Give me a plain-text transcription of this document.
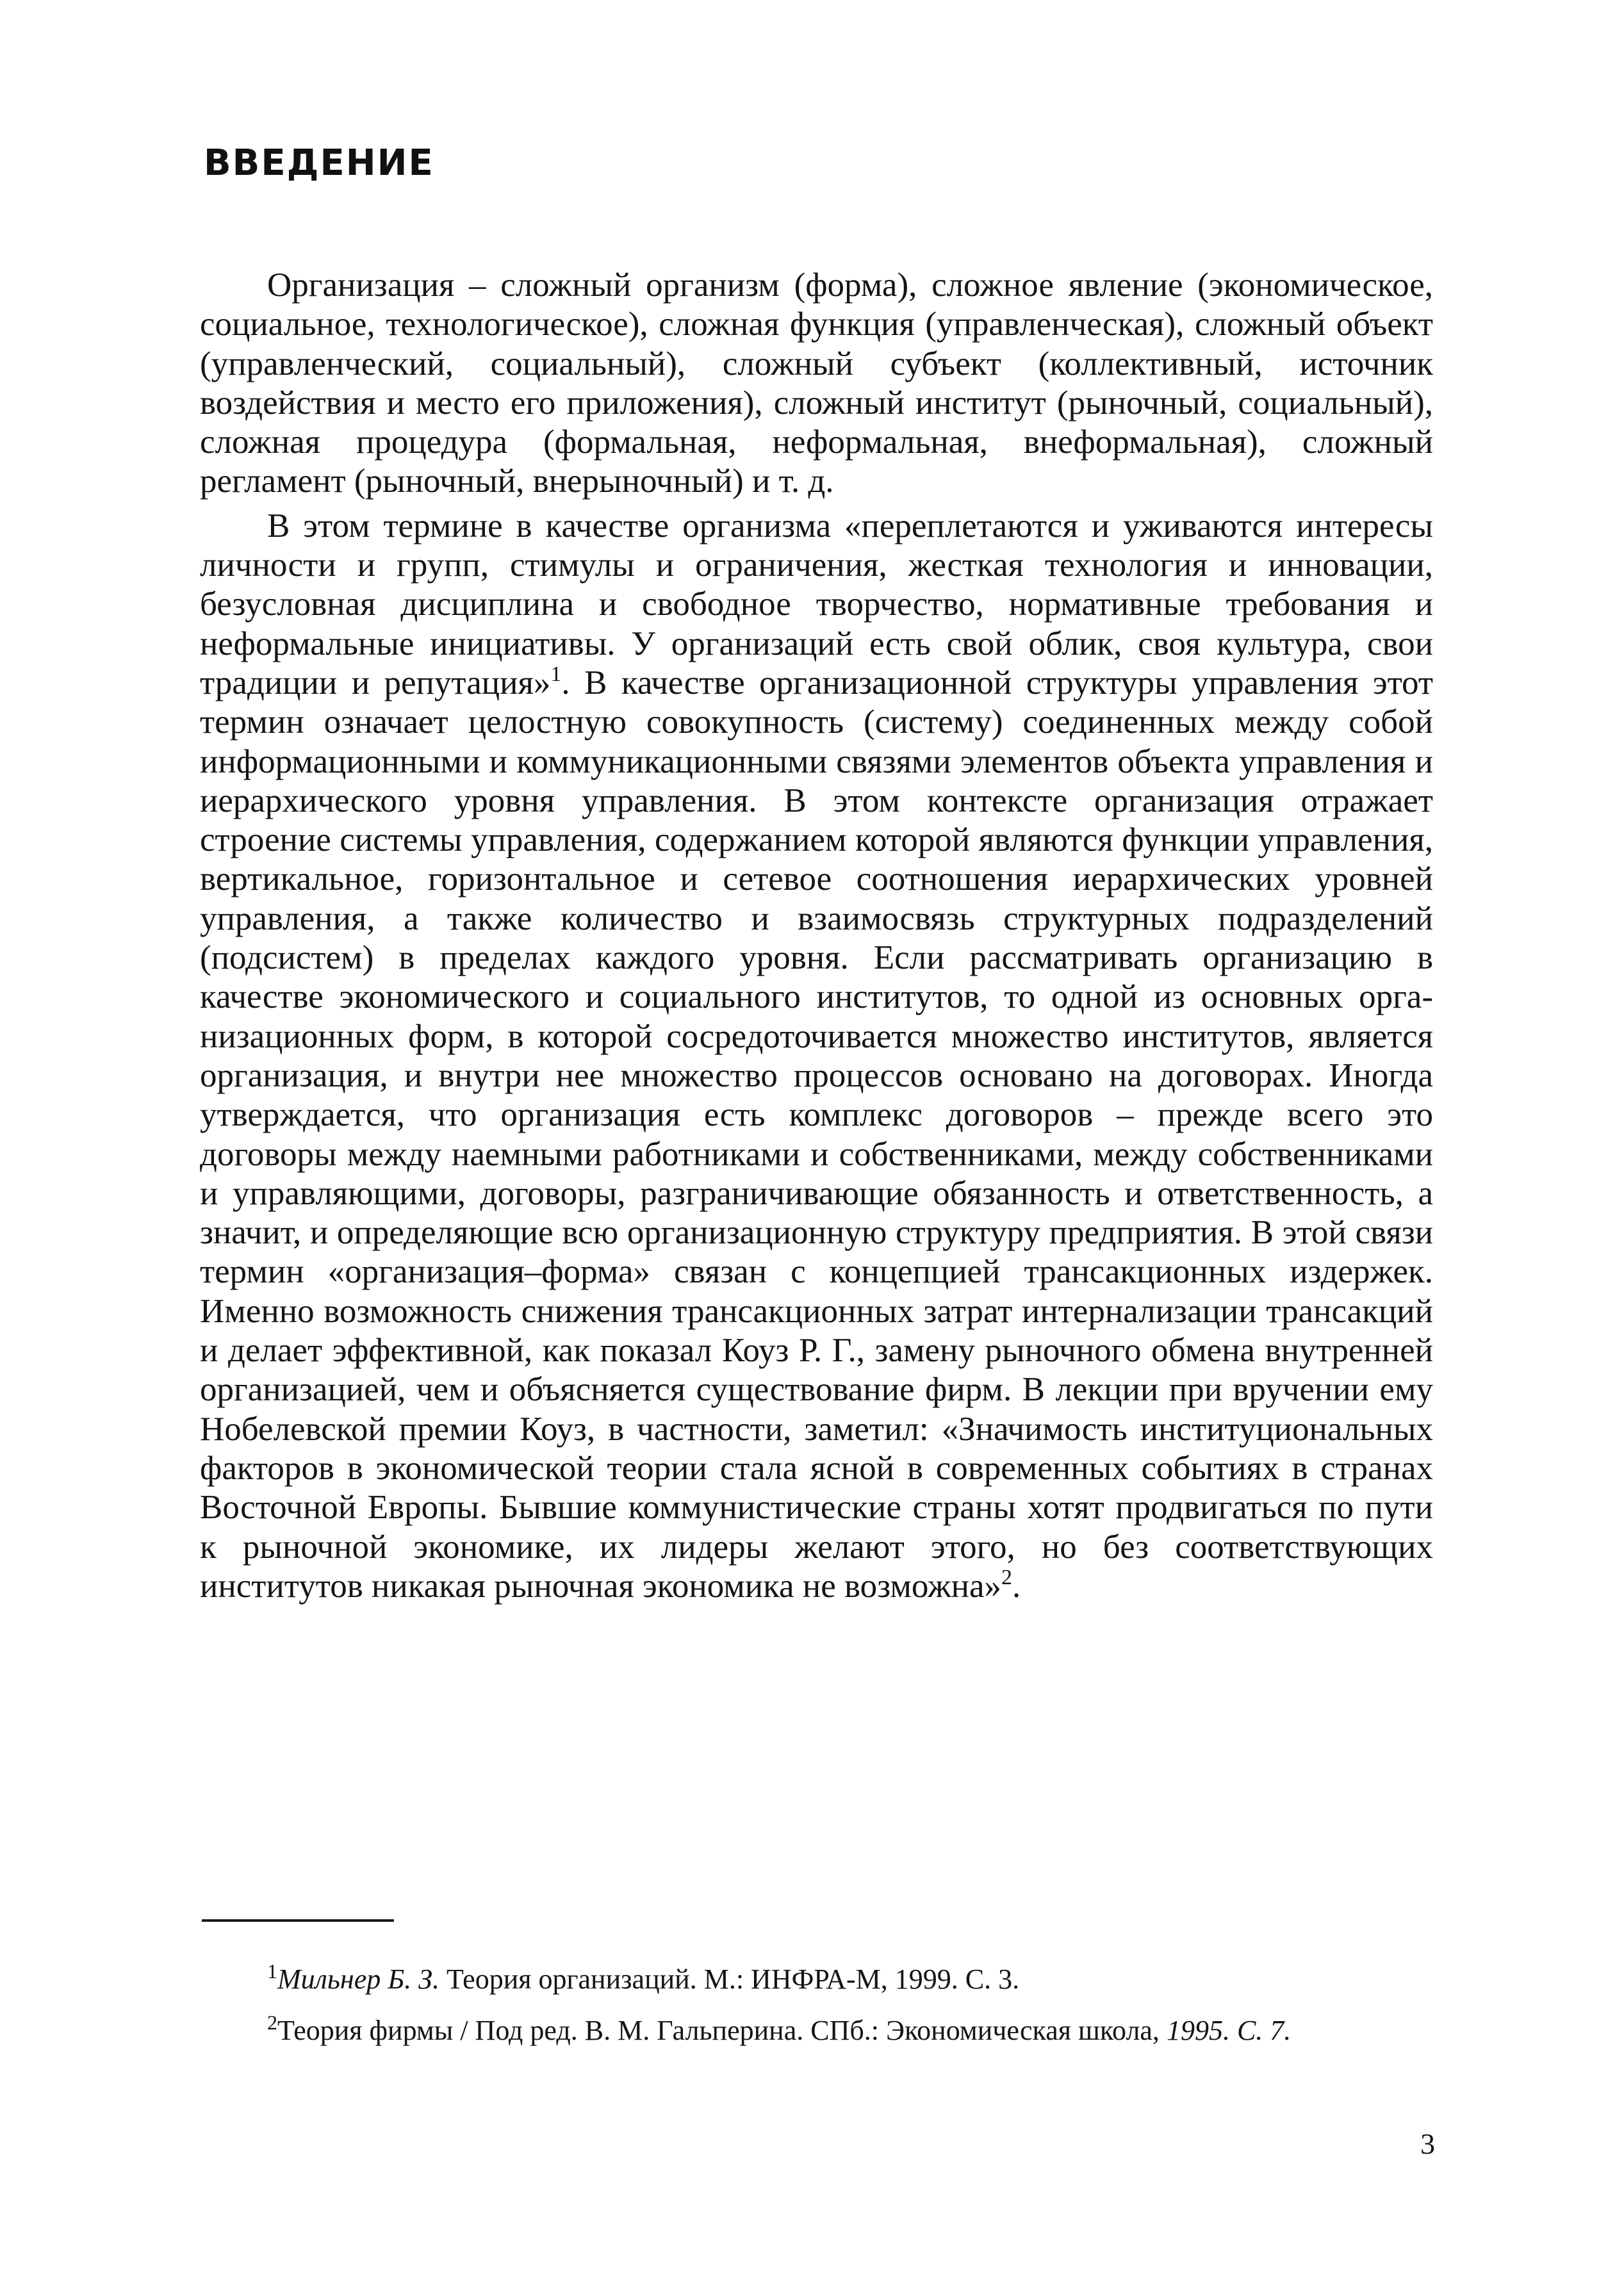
ВВЕДЕНИЕ

Организация – сложный организм (форма), сложное явление (экономическое, социальное, технологическое), сложная функция (управленческая), сложный объект (управленческий, социальный), сложный субъект (коллективный, источник воздействия и место его приложения), сложный институт (рыночный, социальный), сложная процедура (формальная, неформальная, внеформальная), сложный регламент (рыночный, внерыночный) и т. д.

В этом термине в качестве организма «переплетаются и уживаются интересы личности и групп, стимулы и ограничения, жесткая технология и инновации, безусловная дисциплина и свободное творчество, нормативные требования и неформальные инициативы. У организаций есть свой облик, своя культура, свои традиции и репутация»$^1$. В качестве организационной структуры управления этот термин означает целостную совокупность (систему) соединенных между собой информационными и коммуникационными связями элементов объекта управления и иерархического уровня управления. В этом контексте организация отражает строение системы управления, содержанием которой являются функции управления, вертикальное, горизонтальное и сетевое соотношения иерархических уровней управления, а также количество и взаимосвязь структурных подразделений (подсистем) в пределах каждого уровня. Если рассматривать организацию в качестве экономического и социального институтов, то одной из основных организационных форм, в которой сосредоточивается множество институтов, является организация, и внутри нее множество процессов основано на договорах. Иногда утверждается, что организация есть комплекс договоров – прежде всего это договоры между наемными работниками и собственниками, между собственниками и управляющими, договоры, разграничивающие обязанность и ответственность, а значит, и определяющие всю организационную структуру предприятия. В этой связи термин «организация–форма» связан с концепцией трансакционных издержек. Именно возможность снижения трансакционных затрат интернализации трансакций и делает эффективной, как показал Коуз Р. Г., замену рыночного обмена внутренней организацией, чем и объясняется существование фирм. В лекции при вручении ему Нобелевской премии Коуз, в частности, заметил: «Значимость институциональных факторов в экономической теории стала ясной в современных событиях в странах Восточной Европы. Бывшие коммунистические страны хотят продвигаться по пути к рыночной экономике, их лидеры желают этого, но без соответствующих институтов никакая рыночная экономика не возможна»$^2$.

$^1$Мильнер Б. З. Теория организаций. М.: ИНФРА-М, 1999. С. 3.

$^2$Теория фирмы / Под ред. В. М. Гальперина. СПб.: Экономическая школа, 1995. С. 7.

3
